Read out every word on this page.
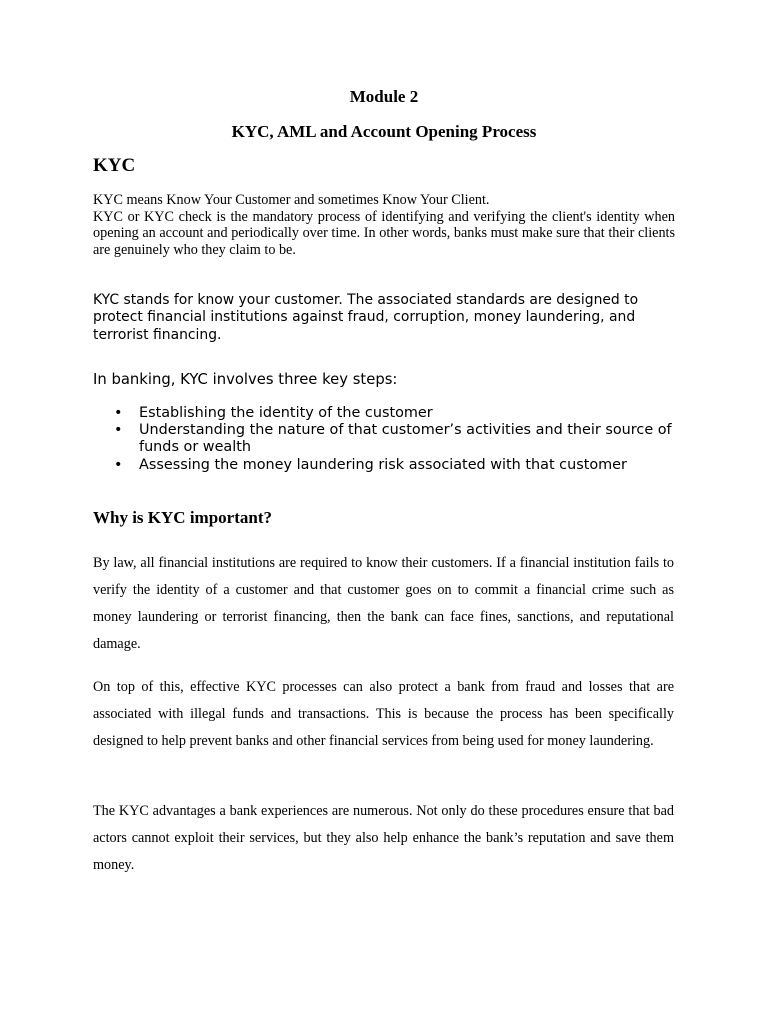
Module 2
KYC, AML and Account Opening Process
KYC

KYC means Know Your Customer and sometimes Know Your Client.

KYC or KYC check is the mandatory process of identifying and verifying the client's identity when opening an account and periodically over time. In other words, banks must make sure that their clients are genuinely who they claim to be.

KYC stands for know your customer. The associated standards are designed to protect financial institutions against fraud, corruption, money laundering, and terrorist financing.
In banking, KYC involves three key steps:
• Establishing the identity of the customer
• Understanding the nature of that customer’s activities and their source of funds or wealth
• Assessing the money laundering risk associated with that customer
Why is KYC important?

By law, all financial institutions are required to know their customers. If a financial institution fails to verify the identity of a customer and that customer goes on to commit a financial crime such as money laundering or terrorist financing, then the bank can face fines, sanctions, and reputational damage.

On top of this, effective KYC processes can also protect a bank from fraud and losses that are associated with illegal funds and transactions. This is because the process has been specifically designed to help prevent banks and other financial services from being used for money laundering.

The KYC advantages a bank experiences are numerous. Not only do these procedures ensure that bad actors cannot exploit their services, but they also help enhance the bank’s reputation and save them money.
